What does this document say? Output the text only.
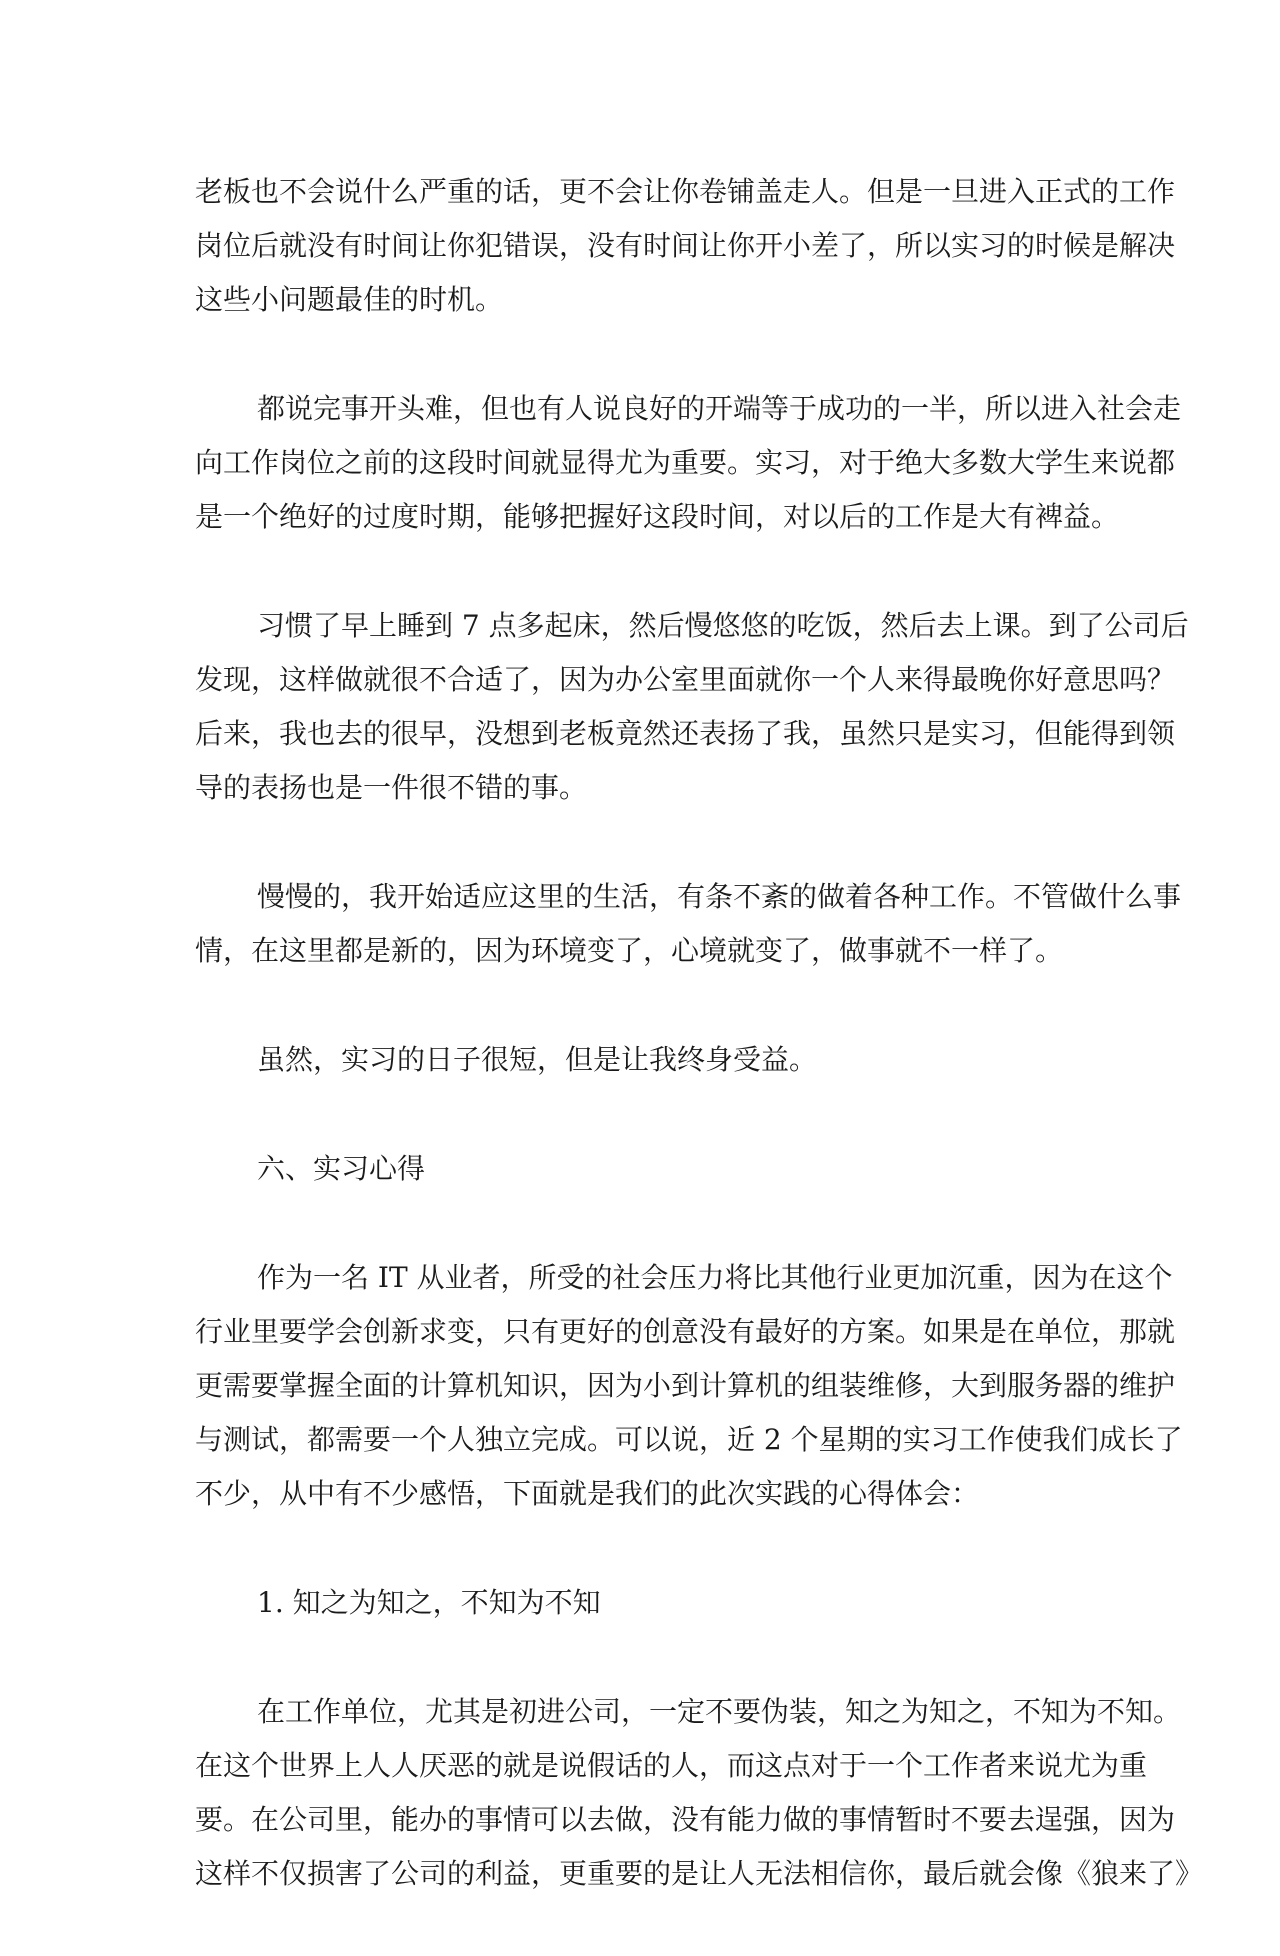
老板也不会说什么严重的话，更不会让你卷铺盖走人。但是一旦进入正式的工作
岗位后就没有时间让你犯错误，没有时间让你开小差了，所以实习的时候是解决
这些小问题最佳的时机。
都说完事开头难，但也有人说良好的开端等于成功的一半，所以进入社会走
向工作岗位之前的这段时间就显得尤为重要。实习，对于绝大多数大学生来说都
是一个绝好的过度时期，能够把握好这段时间，对以后的工作是大有裨益。
习惯了早上睡到 7 点多起床，然后慢悠悠的吃饭，然后去上课。到了公司后
发现，这样做就很不合适了，因为办公室里面就你一个人来得最晚你好意思吗？
后来，我也去的很早，没想到老板竟然还表扬了我，虽然只是实习，但能得到领
导的表扬也是一件很不错的事。
慢慢的，我开始适应这里的生活，有条不紊的做着各种工作。不管做什么事
情，在这里都是新的，因为环境变了，心境就变了，做事就不一样了。
虽然，实习的日子很短，但是让我终身受益。
六、实习心得
作为一名 IT 从业者，所受的社会压力将比其他行业更加沉重，因为在这个
行业里要学会创新求变，只有更好的创意没有最好的方案。如果是在单位，那就
更需要掌握全面的计算机知识，因为小到计算机的组装维修，大到服务器的维护
与测试，都需要一个人独立完成。可以说，近 2 个星期的实习工作使我们成长了
不少，从中有不少感悟，下面就是我们的此次实践的心得体会：
1. 知之为知之，不知为不知
在工作单位，尤其是初进公司，一定不要伪装，知之为知之，不知为不知。
在这个世界上人人厌恶的就是说假话的人，而这点对于一个工作者来说尤为重
要。在公司里，能办的事情可以去做，没有能力做的事情暂时不要去逞强，因为
这样不仅损害了公司的利益，更重要的是让人无法相信你，最后就会像《狼来了》
